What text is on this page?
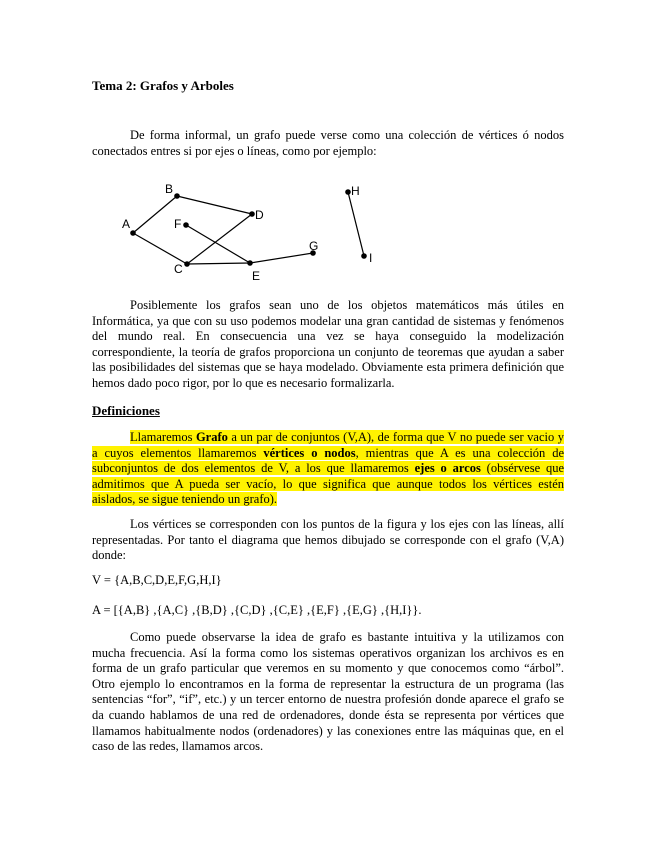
Tema 2: Grafos y Arboles

De forma informal, un grafo puede verse como una colección de vértices ó nodos conectados entres si por ejes o líneas, como por ejemplo:

A
B
C
D
E
F
G
H
I

Posiblemente los grafos sean uno de los objetos matemáticos más útiles en Informática, ya que con su uso podemos modelar una gran cantidad de sistemas y fenómenos del mundo real. En consecuencia una vez se haya conseguido la modelización correspondiente, la teoría de grafos proporciona un conjunto de teoremas que ayudan a saber las posibilidades del sistemas que se haya modelado. Obviamente esta primera definición que hemos dado poco rigor, por lo que es necesario formalizarla.

Definiciones

Llamaremos Grafo a un par de conjuntos (V,A), de forma que V no puede ser vacio y a cuyos elementos llamaremos vértices o nodos, mientras que A es una colección de subconjuntos de dos elementos de V, a los que llamaremos ejes o arcos (obsérvese que admitimos que A pueda ser vacío, lo que significa que aunque todos los vértices estén aislados, se sigue teniendo un grafo).

Los vértices se corresponden con los puntos de la figura y los ejes con las líneas, allí representadas. Por tanto el diagrama que hemos dibujado se corresponde con el grafo (V,A) donde:

V = {A,B,C,D,E,F,G,H,I}
A = [{A,B} ,{A,C} ,{B,D} ,{C,D} ,{C,E} ,{E,F} ,{E,G} ,{H,I}}.

Como puede observarse la idea de grafo es bastante intuitiva y la utilizamos con mucha frecuencia. Así la forma como los sistemas operativos organizan los archivos es en forma de un grafo particular que veremos en su momento y que conocemos como “árbol”. Otro ejemplo lo encontramos en la forma de representar la estructura de un programa (las sentencias “for”, “if”, etc.) y un tercer entorno de nuestra profesión donde aparece el grafo se da cuando hablamos de una red de ordenadores, donde ésta se representa por vértices que llamamos habitualmente nodos (ordenadores) y las conexiones entre las máquinas que, en el caso de las redes, llamamos arcos.
